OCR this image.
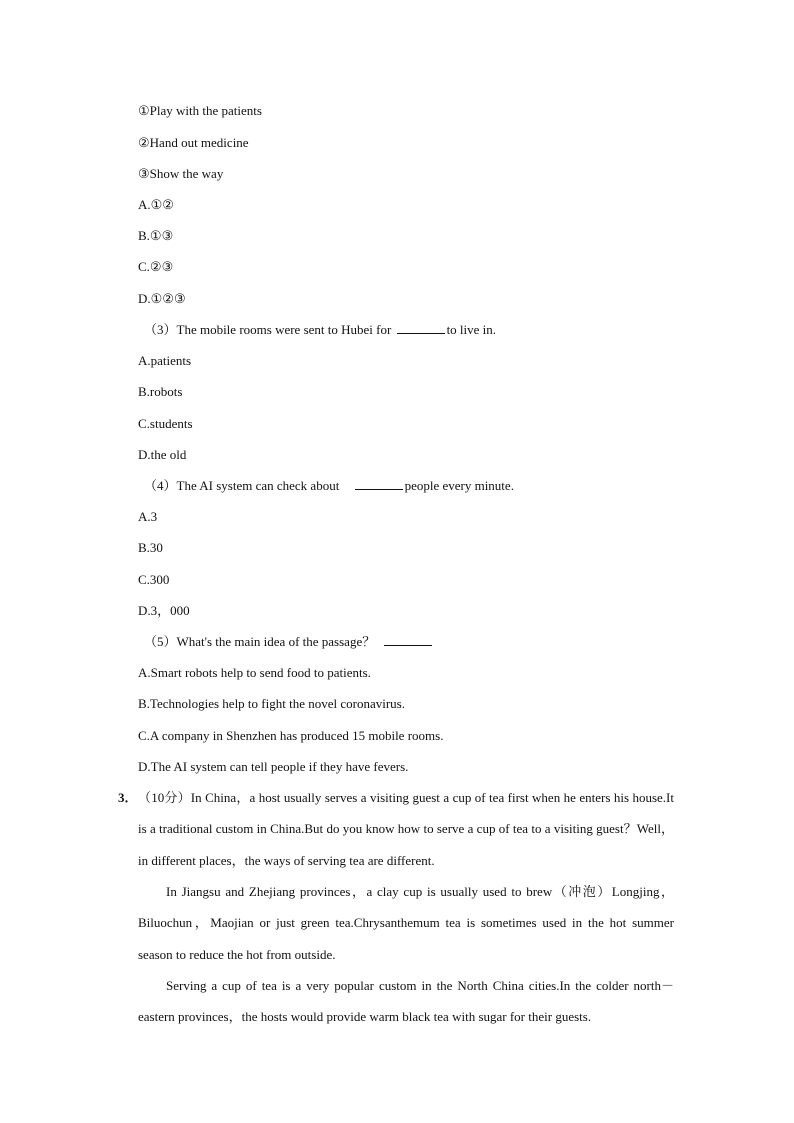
①Play with the patients
②Hand out medicine
③Show the way
A.①②
B.①③
C.②③
D.①②③
（3）The mobile rooms were sent to Hubei for	to live in.
A.patients
B.robots
C.students
D.the old
（4）The AI system can check about	people every minute.
A.3
B.30
C.300
D.3，000
（5）What's the main idea of the passage？
A.Smart robots help to send food to patients.
B.Technologies help to fight the novel coronavirus.
C.A company in Shenzhen has produced 15 mobile rooms.
D.The AI system can tell people if they have fevers.
3． （10分）In China，a host usually serves a visiting guest a cup of tea first when he enters his house.It is a traditional custom in China.But do you know how to serve a cup of tea to a visiting guest？Well，in different places，the ways of serving tea are different.
In Jiangsu and Zhejiang provinces，a clay cup is usually used to brew（冲泡）Longjing，Biluochun，Maojian or just green tea.Chrysanthemum tea is sometimes used in the hot summer season to reduce the hot from outside.
Serving a cup of tea is a very popular custom in the North China cities.In the colder north－eastern provinces，the hosts would provide warm black tea with sugar for their guests.
